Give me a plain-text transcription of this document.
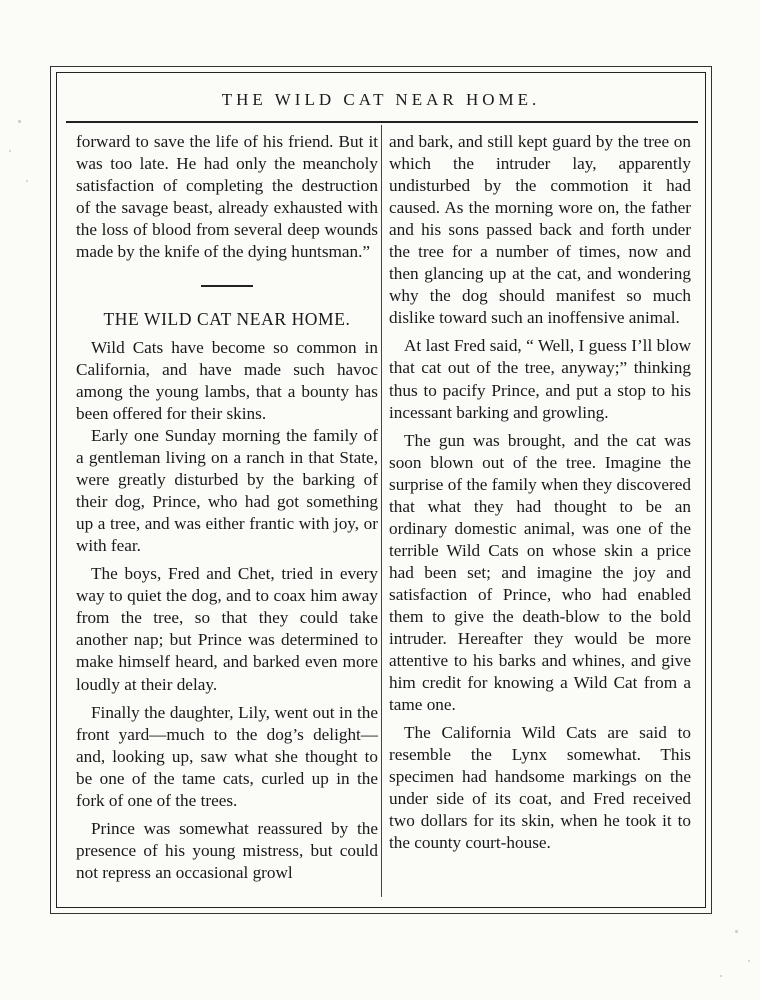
THE WILD CAT NEAR HOME.

forward to save the life of his friend. But it was too late. He had only the meancholy satisfaction of completing the destruction of the savage beast, already exhausted with the loss of blood from several deep wounds made by the knife of the dying huntsman.”

THE WILD CAT NEAR HOME.

Wild Cats have become so common in California, and have made such havoc among the young lambs, that a bounty has been offered for their skins.

Early one Sunday morning the family of a gentleman living on a ranch in that State, were greatly disturbed by the barking of their dog, Prince, who had got something up a tree, and was either frantic with joy, or with fear.

The boys, Fred and Chet, tried in every way to quiet the dog, and to coax him away from the tree, so that they could take another nap; but Prince was determined to make himself heard, and barked even more loudly at their delay.

Finally the daughter, Lily, went out in the front yard—much to the dog’s delight—and, looking up, saw what she thought to be one of the tame cats, curled up in the fork of one of the trees.

Prince was somewhat reassured by the presence of his young mistress, but could not repress an occasional growl

and bark, and still kept guard by the tree on which the intruder lay, apparently undisturbed by the commotion it had caused. As the morning wore on, the father and his sons passed back and forth under the tree for a number of times, now and then glancing up at the cat, and wondering why the dog should manifest so much dislike toward such an inoffensive animal.

At last Fred said, “ Well, I guess I’ll blow that cat out of the tree, anyway;” thinking thus to pacify Prince, and put a stop to his incessant barking and growling.

The gun was brought, and the cat was soon blown out of the tree. Imagine the surprise of the family when they discovered that what they had thought to be an ordinary domestic animal, was one of the terrible Wild Cats on whose skin a price had been set; and imagine the joy and satisfaction of Prince, who had enabled them to give the death-blow to the bold intruder. Hereafter they would be more attentive to his barks and whines, and give him credit for knowing a Wild Cat from a tame one.

The California Wild Cats are said to resemble the Lynx somewhat. This specimen had handsome markings on the under side of its coat, and Fred received two dollars for its skin, when he took it to the county court-house.
